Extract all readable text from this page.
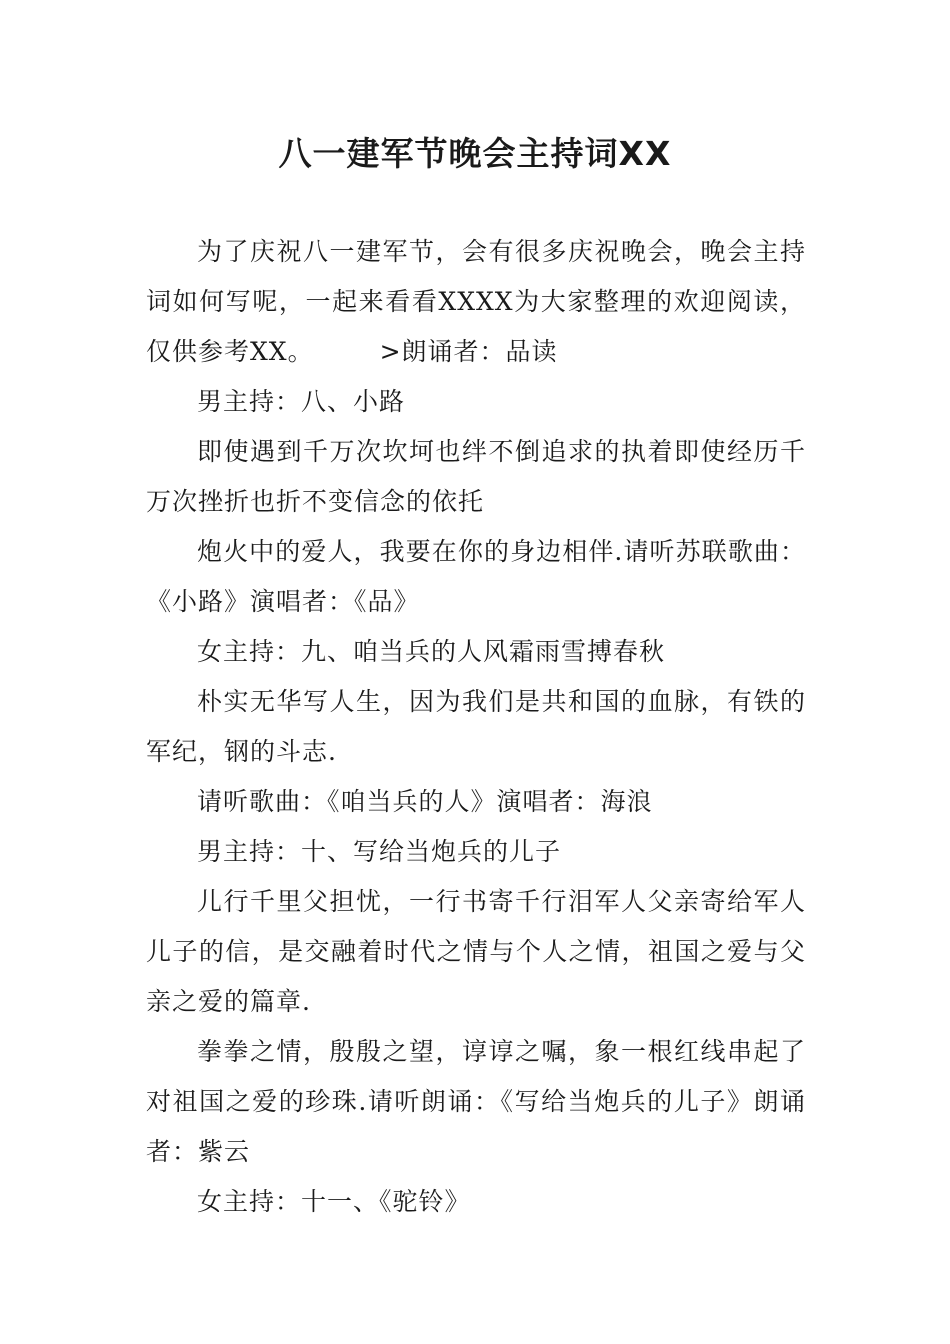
八一建军节晚会主持词XX

为了庆祝八一建军节，会有很多庆祝晚会，晚会主持词如何写呢，一起来看看XXXX为大家整理的欢迎阅读，仅供参考XX。	>朗诵者：品读

男主持：八、小路

即使遇到千万次坎坷也绊不倒追求的执着即使经历千万次挫折也折不变信念的依托

炮火中的爱人，我要在你的身边相伴.请听苏联歌曲：《小路》演唱者：《品》

女主持：九、咱当兵的人风霜雨雪搏春秋

朴实无华写人生，因为我们是共和国的血脉，有铁的军纪，钢的斗志.

请听歌曲：《咱当兵的人》演唱者：海浪

男主持：十、写给当炮兵的儿子

儿行千里父担忧，一行书寄千行泪军人父亲寄给军人儿子的信，是交融着时代之情与个人之情，祖国之爱与父亲之爱的篇章.

拳拳之情，殷殷之望，谆谆之嘱，象一根红线串起了对祖国之爱的珍珠.请听朗诵：《写给当炮兵的儿子》朗诵者：紫云

女主持：十一、《驼铃》
